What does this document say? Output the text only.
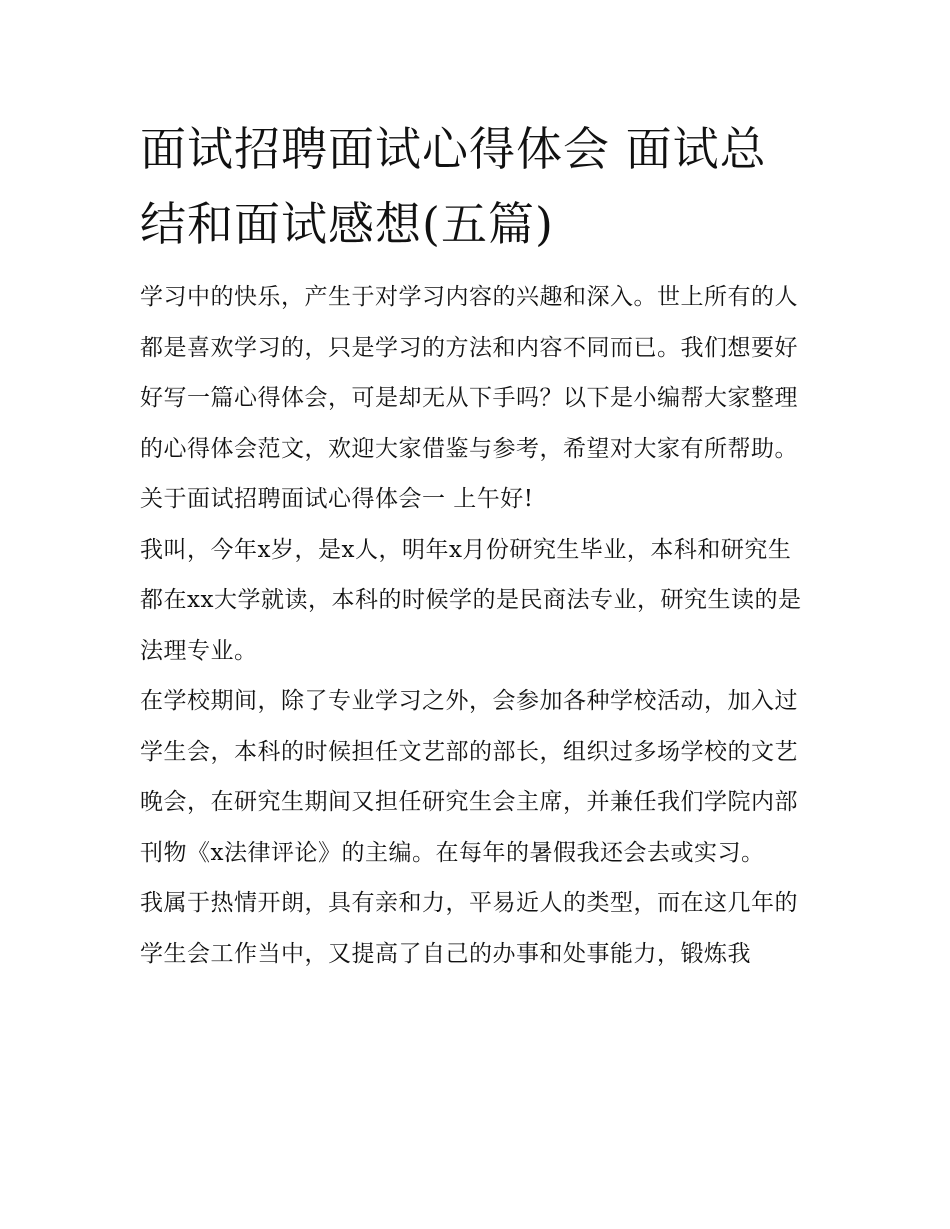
面试招聘面试心得体会 面试总结和面试感想(五篇)

学习中的快乐，产生于对学习内容的兴趣和深入。世上所有的人都是喜欢学习的，只是学习的方法和内容不同而已。我们想要好好写一篇心得体会，可是却无从下手吗？以下是小编帮大家整理的心得体会范文，欢迎大家借鉴与参考，希望对大家有所帮助。

关于面试招聘面试心得体会一 上午好!

我叫，今年x岁，是x人，明年x月份研究生毕业，本科和研究生都在xx大学就读，本科的时候学的是民商法专业，研究生读的是法理专业。

在学校期间，除了专业学习之外，会参加各种学校活动，加入过学生会，本科的时候担任文艺部的部长，组织过多场学校的文艺晚会，在研究生期间又担任研究生会主席，并兼任我们学院内部刊物《x法律评论》的主编。在每年的暑假我还会去或实习。

我属于热情开朗，具有亲和力，平易近人的类型，而在这几年的学生会工作当中，又提高了自己的办事和处事能力，锻炼我
